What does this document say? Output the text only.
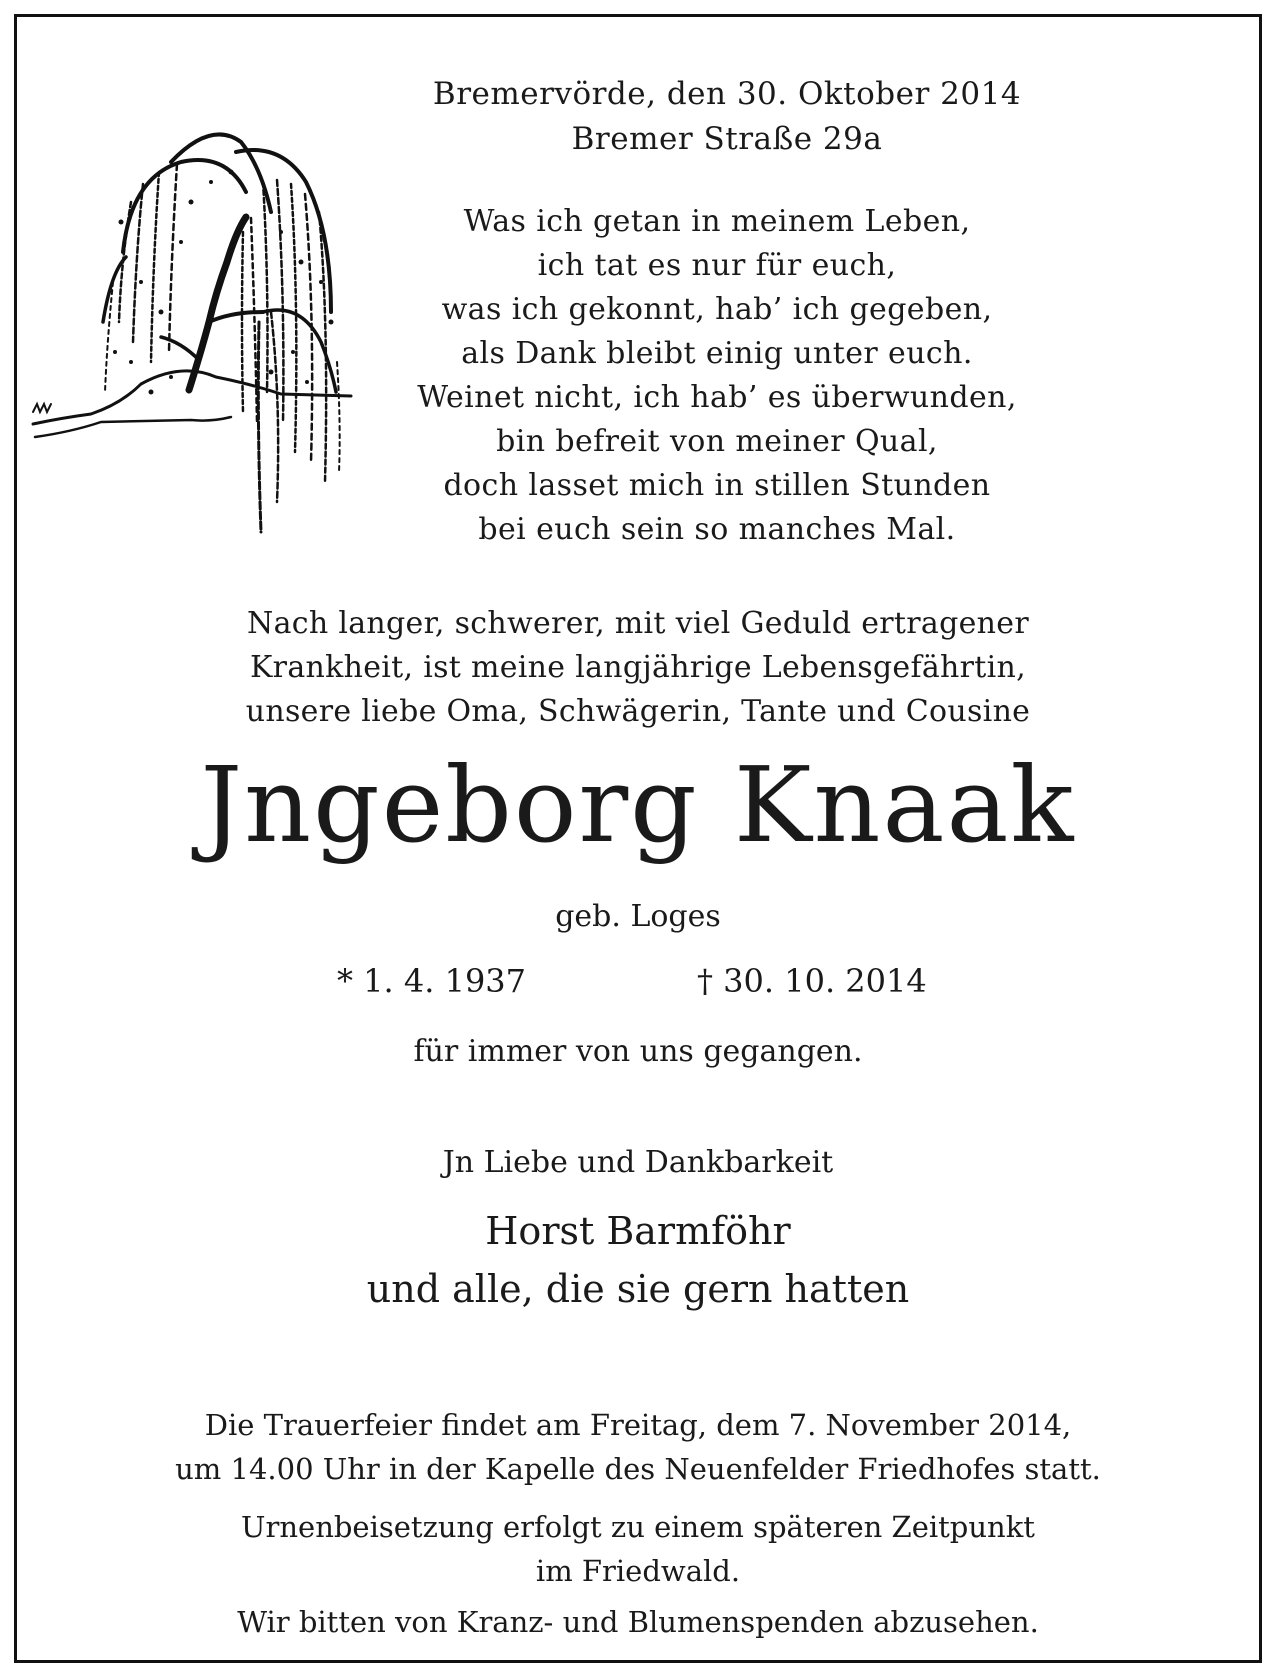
Bremervörde, den 30. Oktober 2014
Bremer Straße 29a
Was ich getan in meinem Leben,
ich tat es nur für euch,
was ich gekonnt, hab’ ich gegeben,
als Dank bleibt einig unter euch.
Weinet nicht, ich hab’ es überwunden,
bin befreit von meiner Qual,
doch lasset mich in stillen Stunden
bei euch sein so manches Mal.
Nach langer, schwerer, mit viel Geduld ertragener
Krankheit, ist meine langjährige Lebensgefährtin,
unsere liebe Oma, Schwägerin, Tante und Cousine
Jngeborg Knaak
geb. Loges
* 1. 4. 1937	† 30. 10. 2014
für immer von uns gegangen.
Jn Liebe und Dankbarkeit
Horst Barmföhr
und alle, die sie gern hatten
Die Trauerfeier findet am Freitag, dem 7. November 2014,
um 14.00 Uhr in der Kapelle des Neuenfelder Friedhofes statt.
Urnenbeisetzung erfolgt zu einem späteren Zeitpunkt
im Friedwald.
Wir bitten von Kranz- und Blumenspenden abzusehen.
